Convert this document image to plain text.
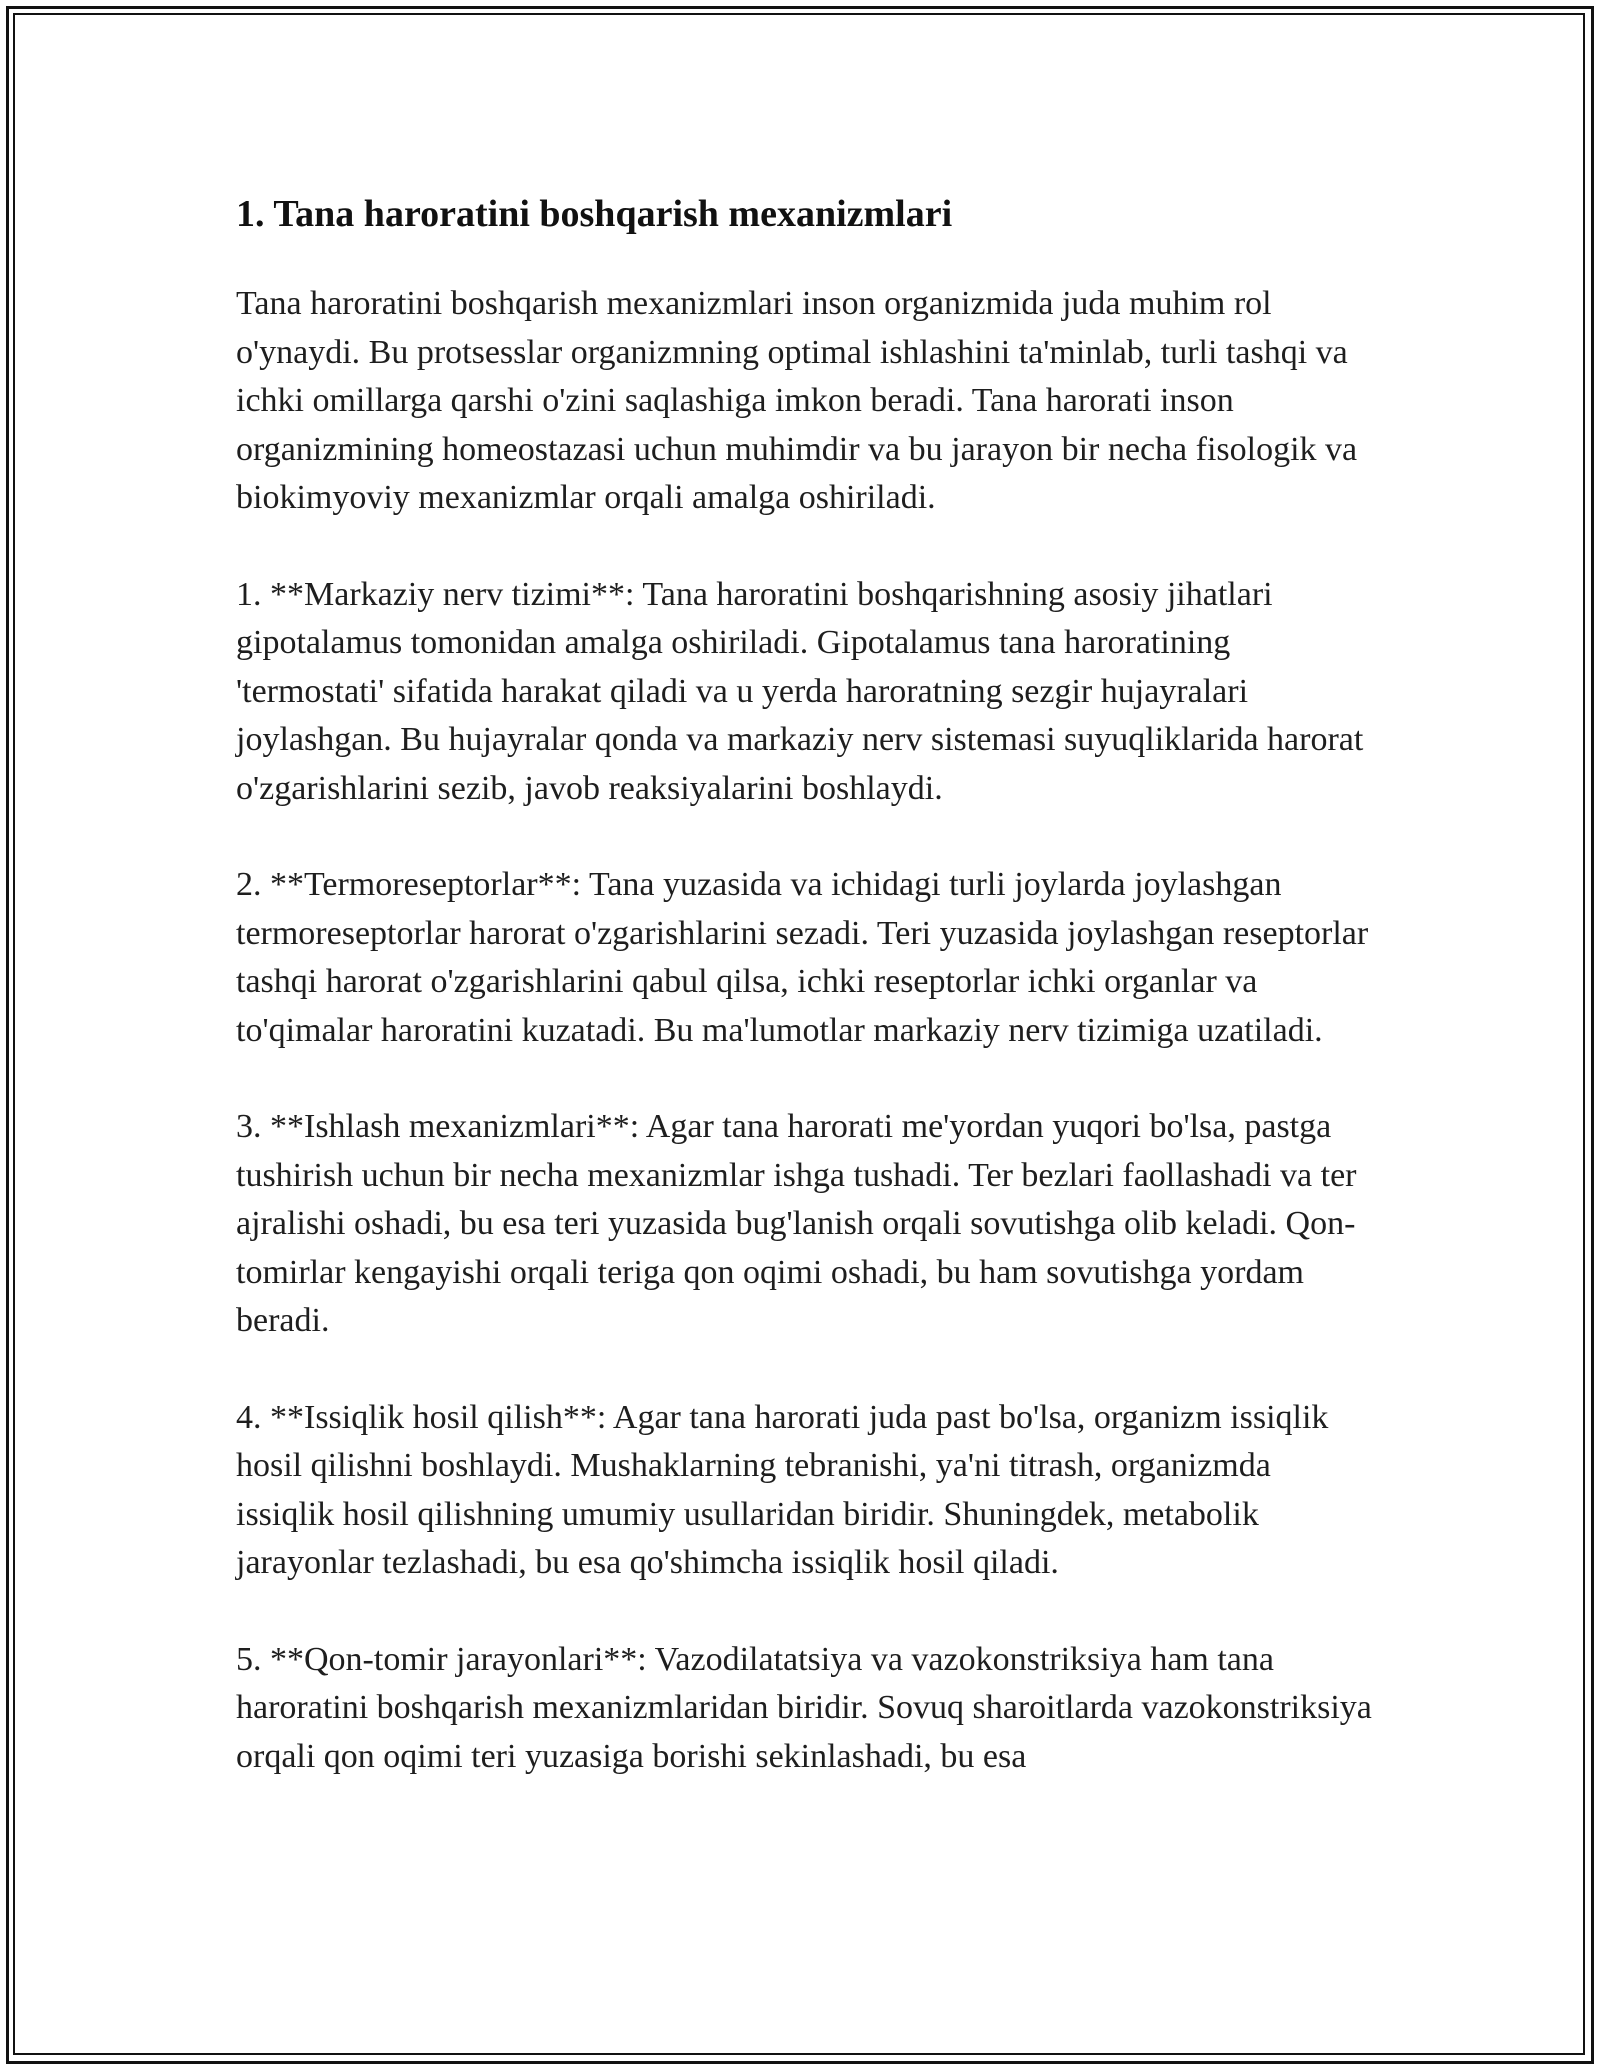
1. Tana haroratini boshqarish mexanizmlari

Tana haroratini boshqarish mexanizmlari inson organizmida juda muhim rol o'ynaydi. Bu protsesslar organizmning optimal ishlashini ta'minlab, turli tashqi va ichki omillarga qarshi o'zini saqlashiga imkon beradi. Tana harorati inson organizmining homeostazasi uchun muhimdir va bu jarayon bir necha fisologik va biokimyoviy mexanizmlar orqali amalga oshiriladi.

1. **Markaziy nerv tizimi**: Tana haroratini boshqarishning asosiy jihatlari gipotalamus tomonidan amalga oshiriladi. Gipotalamus tana haroratining 'termostati' sifatida harakat qiladi va u yerda haroratning sezgir hujayralari joylashgan. Bu hujayralar qonda va markaziy nerv sistemasi suyuqliklarida harorat o'zgarishlarini sezib, javob reaksiyalarini boshlaydi.

2. **Termoreseptorlar**: Tana yuzasida va ichidagi turli joylarda joylashgan termoreseptorlar harorat o'zgarishlarini sezadi. Teri yuzasida joylashgan reseptorlar tashqi harorat o'zgarishlarini qabul qilsa, ichki reseptorlar ichki organlar va to'qimalar haroratini kuzatadi. Bu ma'lumotlar markaziy nerv tizimiga uzatiladi.

3. **Ishlash mexanizmlari**: Agar tana harorati me'yordan yuqori bo'lsa, pastga tushirish uchun bir necha mexanizmlar ishga tushadi. Ter bezlari faollashadi va ter ajralishi oshadi, bu esa teri yuzasida bug'lanish orqali sovutishga olib keladi. Qon-tomirlar kengayishi orqali teriga qon oqimi oshadi, bu ham sovutishga yordam beradi.

4. **Issiqlik hosil qilish**: Agar tana harorati juda past bo'lsa, organizm issiqlik hosil qilishni boshlaydi. Mushaklarning tebranishi, ya'ni titrash, organizmda issiqlik hosil qilishning umumiy usullaridan biridir. Shuningdek, metabolik jarayonlar tezlashadi, bu esa qo'shimcha issiqlik hosil qiladi.

5. **Qon-tomir jarayonlari**: Vazodilatatsiya va vazokonstriksiya ham tana haroratini boshqarish mexanizmlaridan biridir. Sovuq sharoitlarda vazokonstriksiya orqali qon oqimi teri yuzasiga borishi sekinlashadi, bu esa
